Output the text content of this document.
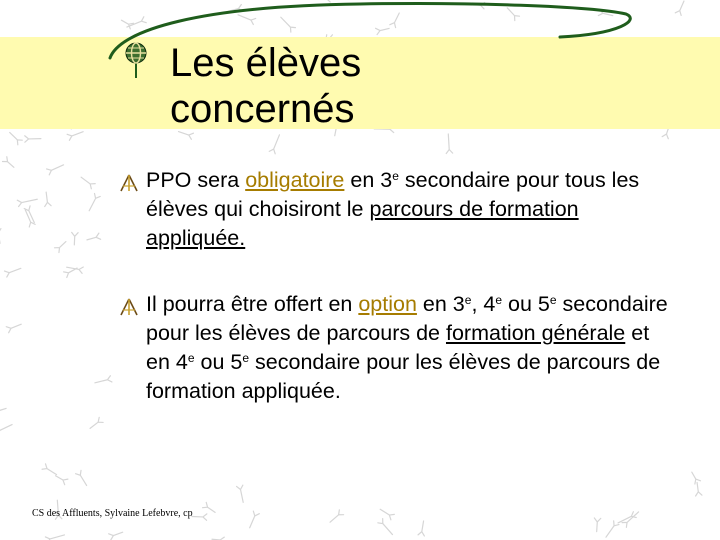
Les élèves
concernés
PPO sera obligatoire en 3e secondaire pour tous les élèves qui choisiront le parcours de formation appliquée.
Il pourra être offert en option en 3e, 4e ou 5e secondaire pour les élèves de parcours de formation générale et en 4e ou 5e secondaire pour les élèves de parcours de formation appliquée.
CS des Affluents, Sylvaine Lefebvre, cp
